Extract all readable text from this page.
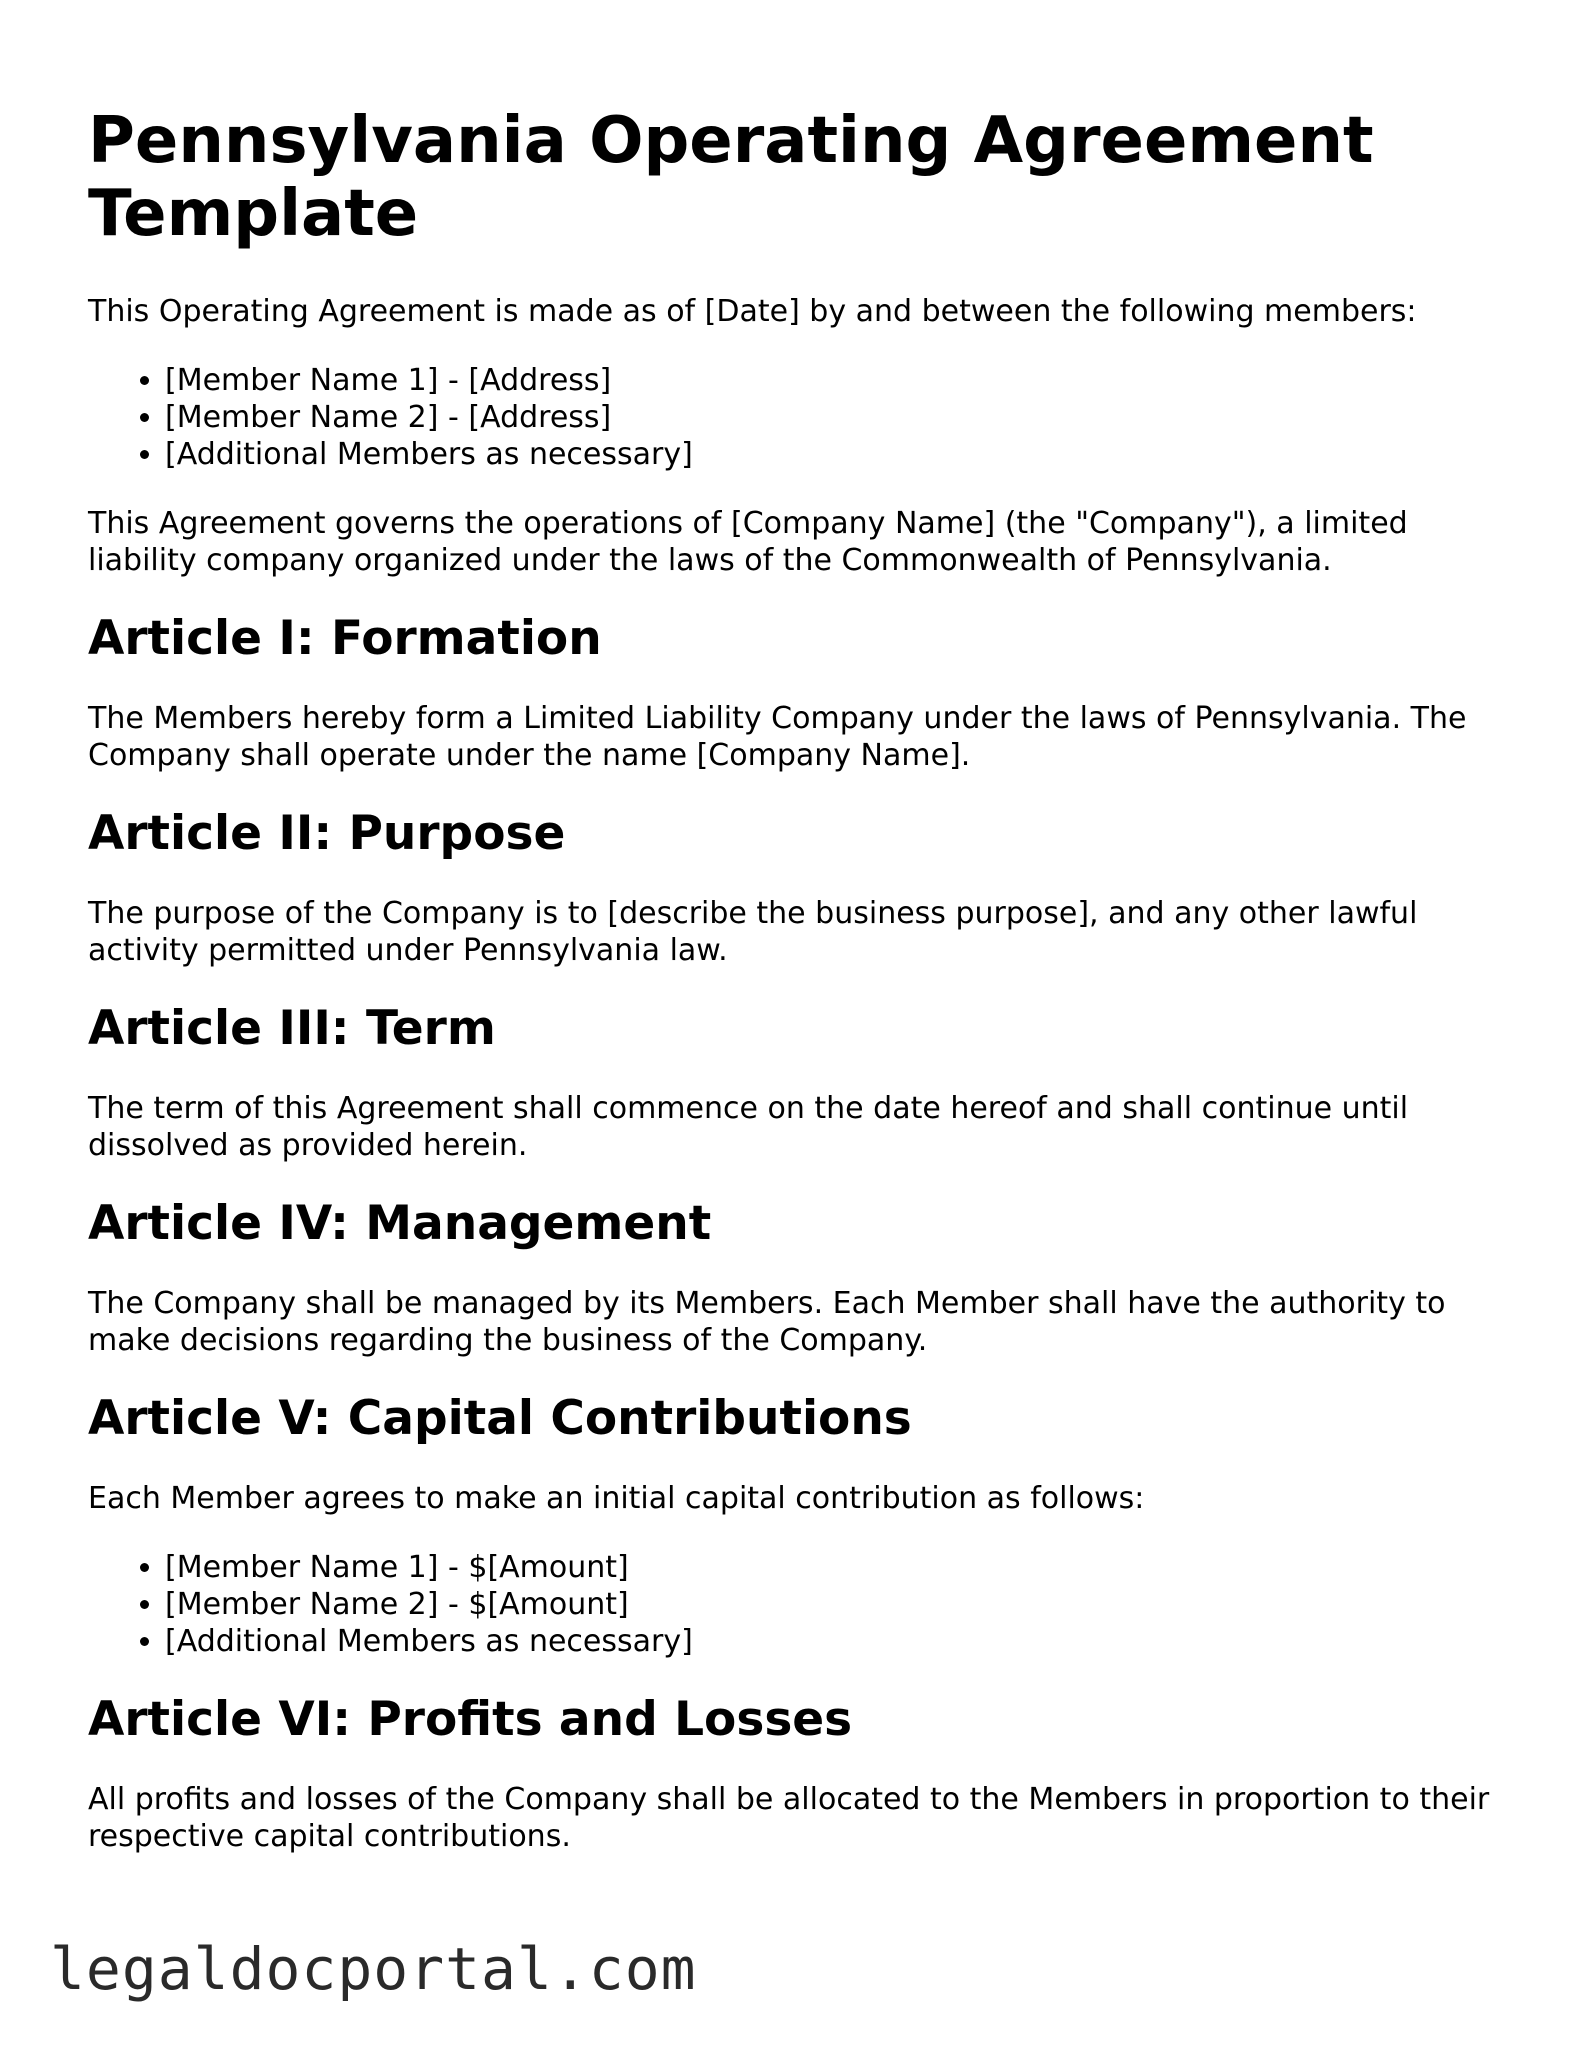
Pennsylvania Operating Agreement Template

This Operating Agreement is made as of [Date] by and between the following members:

• [Member Name 1] - [Address]
• [Member Name 2] - [Address]
• [Additional Members as necessary]

This Agreement governs the operations of [Company Name] (the "Company"), a limited liability company organized under the laws of the Commonwealth of Pennsylvania.

Article I: Formation

The Members hereby form a Limited Liability Company under the laws of Pennsylvania. The Company shall operate under the name [Company Name].

Article II: Purpose

The purpose of the Company is to [describe the business purpose], and any other lawful activity permitted under Pennsylvania law.

Article III: Term

The term of this Agreement shall commence on the date hereof and shall continue until dissolved as provided herein.

Article IV: Management

The Company shall be managed by its Members. Each Member shall have the authority to make decisions regarding the business of the Company.

Article V: Capital Contributions

Each Member agrees to make an initial capital contribution as follows:

• [Member Name 1] - $[Amount]
• [Member Name 2] - $[Amount]
• [Additional Members as necessary]
Article VI: Profits and Losses

All profits and losses of the Company shall be allocated to the Members in proportion to their respective capital contributions.

legaldocportal.com
